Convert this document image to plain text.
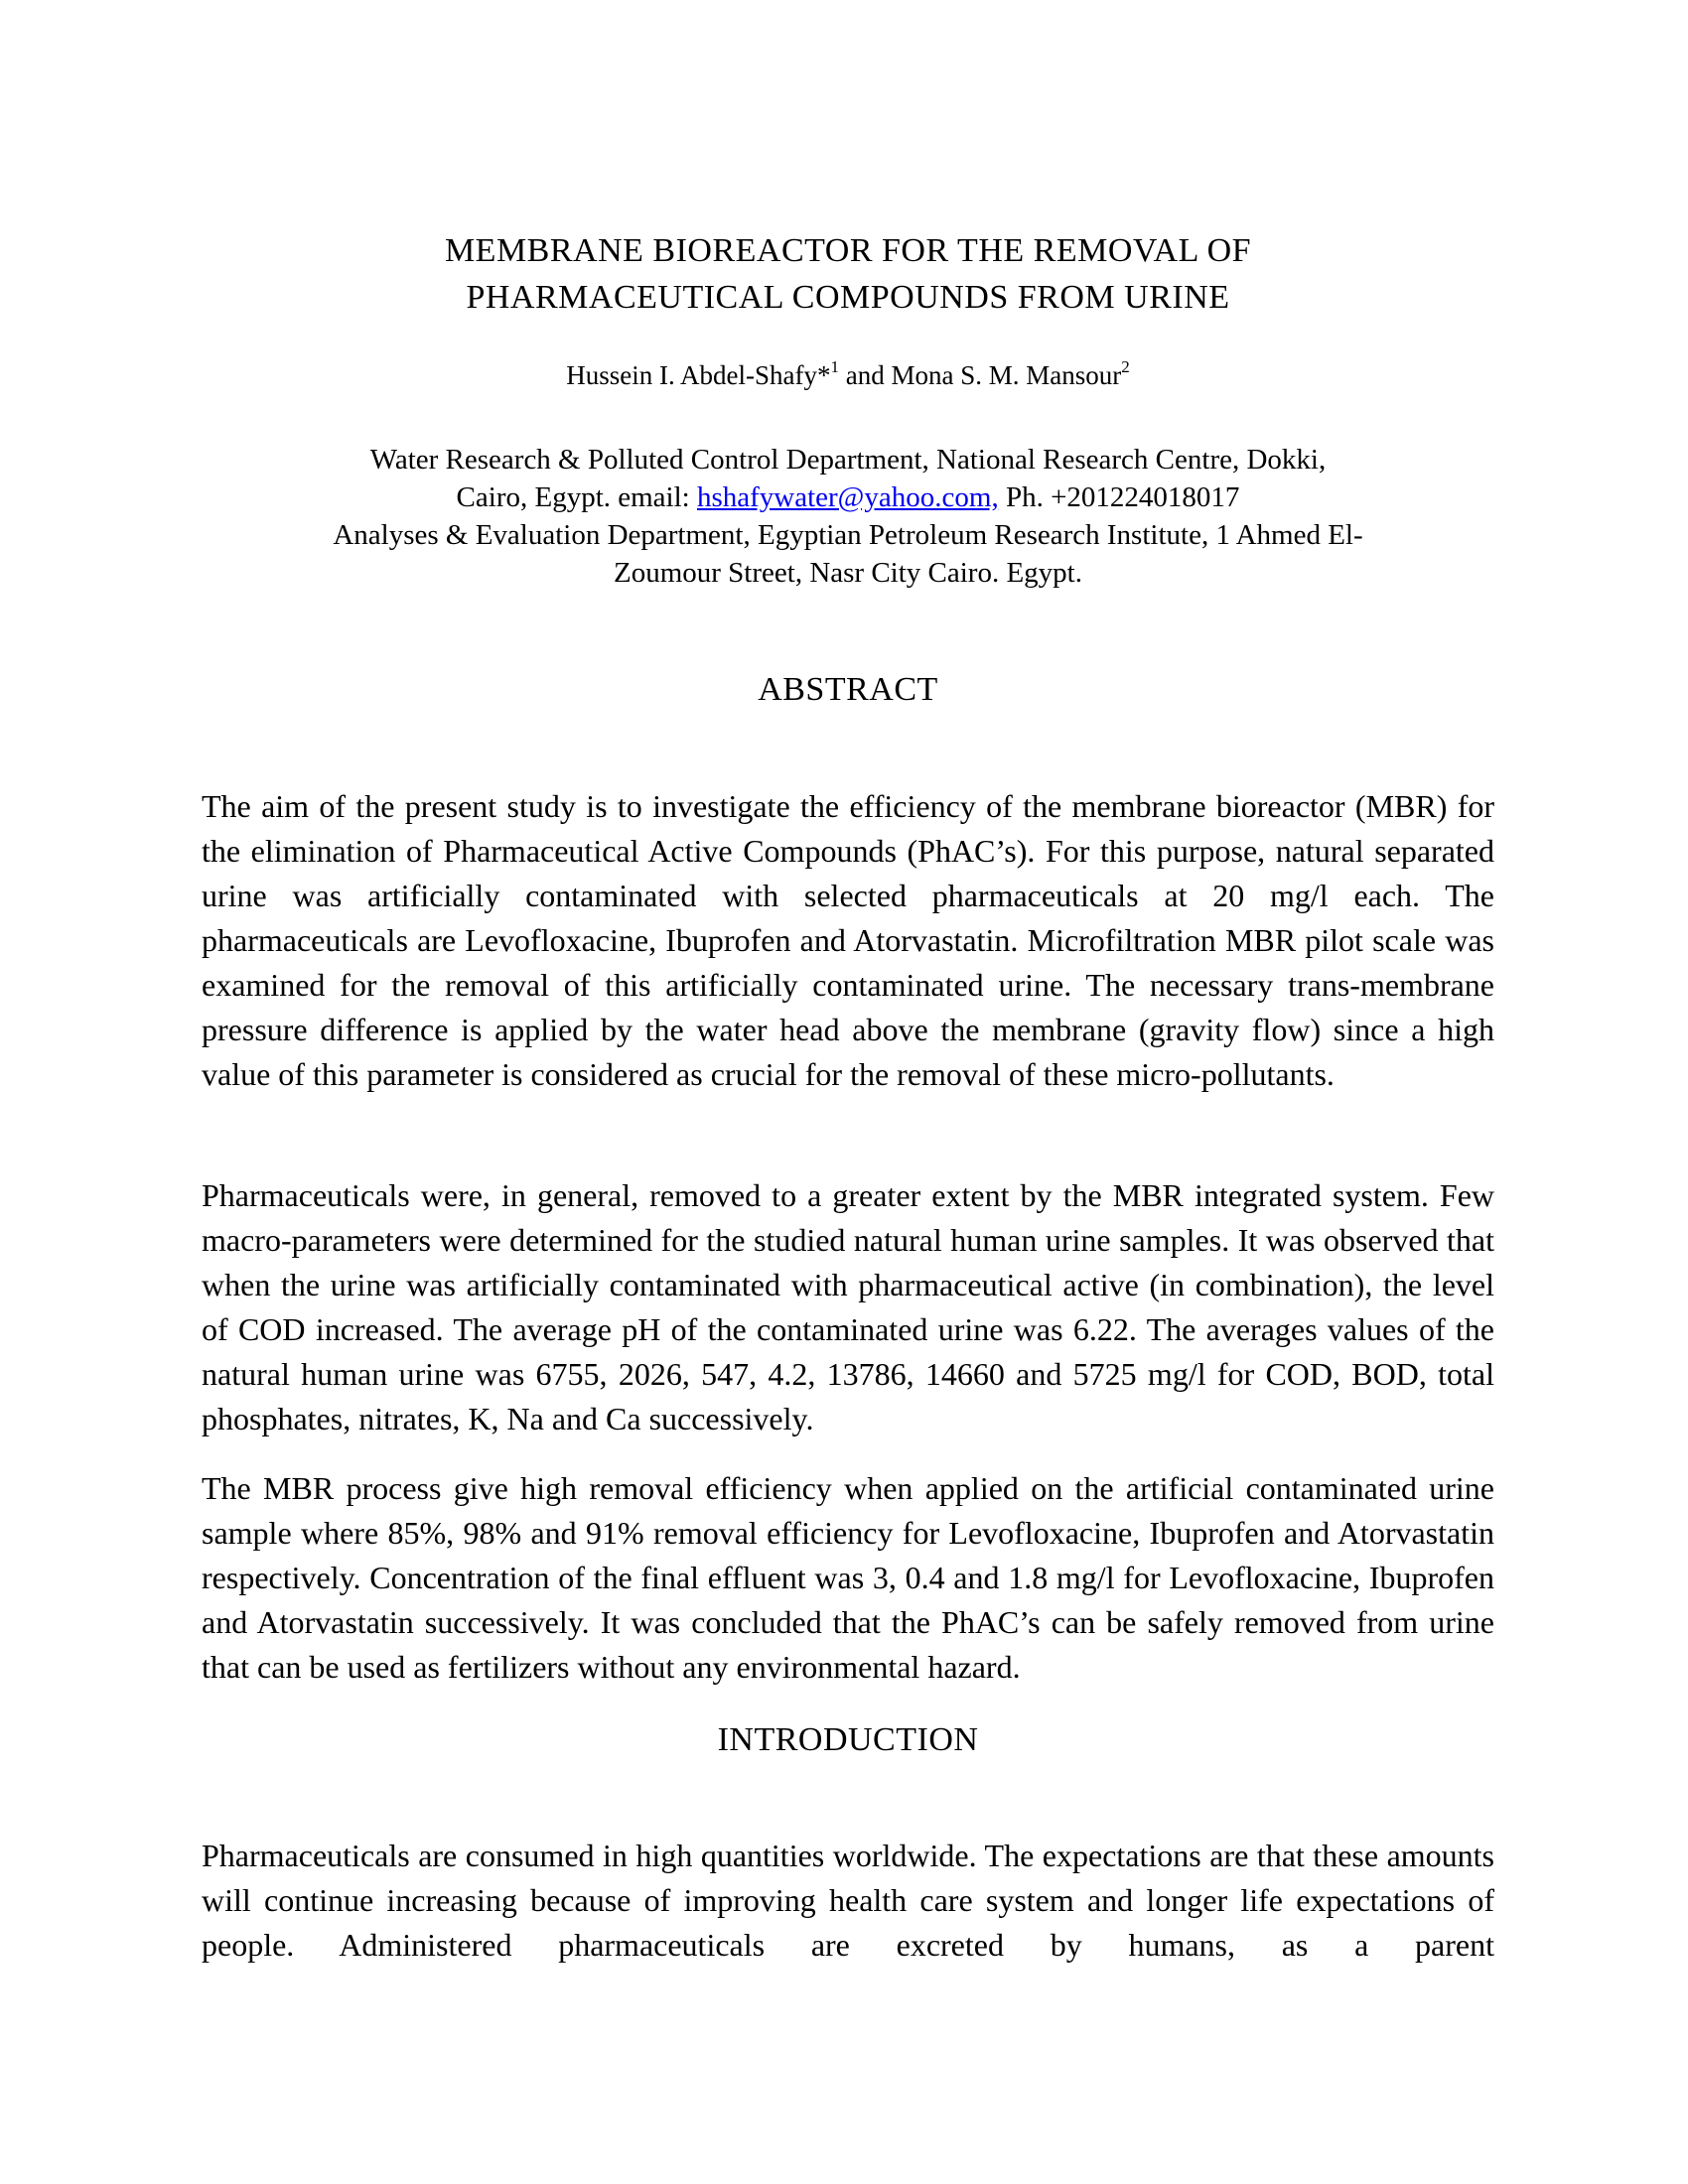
MEMBRANE BIOREACTOR FOR THE REMOVAL OF
PHARMACEUTICAL COMPOUNDS FROM URINE
Hussein I. Abdel-Shafy*$^1$ and Mona S. M. Mansour$^2$
Water Research & Polluted Control Department, National Research Centre, Dokki,
Cairo, Egypt. email: hshafywater@yahoo.com, Ph. +201224018017
Analyses & Evaluation Department, Egyptian Petroleum Research Institute, 1 Ahmed El-
Zoumour Street, Nasr City Cairo. Egypt.
ABSTRACT
The aim of the present study is to investigate the efficiency of the membrane bioreactor (MBR) for the elimination of Pharmaceutical Active Compounds (PhAC’s). For this purpose, natural separated urine was artificially contaminated with selected pharmaceuticals at 20 mg/l each. The pharmaceuticals are Levofloxacine, Ibuprofen and Atorvastatin. Microfiltration MBR pilot scale was examined for the removal of this artificially contaminated urine. The necessary trans-membrane pressure difference is applied by the water head above the membrane (gravity flow) since a high value of this parameter is considered as crucial for the removal of these micro-pollutants.
Pharmaceuticals were, in general, removed to a greater extent by the MBR integrated system. Few macro-parameters were determined for the studied natural human urine samples. It was observed that when the urine was artificially contaminated with pharmaceutical active (in combination), the level of COD increased. The average pH of the contaminated urine was 6.22. The averages values of the natural human urine was 6755, 2026, 547, 4.2, 13786, 14660 and 5725 mg/l for COD, BOD, total phosphates, nitrates, K, Na and Ca successively.
The MBR process give high removal efficiency when applied on the artificial contaminated urine sample where 85%, 98% and 91% removal efficiency for Levofloxacine, Ibuprofen and Atorvastatin respectively. Concentration of the final effluent was 3, 0.4 and 1.8 mg/l for Levofloxacine, Ibuprofen and Atorvastatin successively. It was concluded that the PhAC’s can be safely removed from urine that can be used as fertilizers without any environmental hazard.
INTRODUCTION
Pharmaceuticals are consumed in high quantities worldwide. The expectations are that these amounts will continue increasing because of improving health care system and longer life expectations of people. Administered pharmaceuticals are excreted by humans, as a parent
